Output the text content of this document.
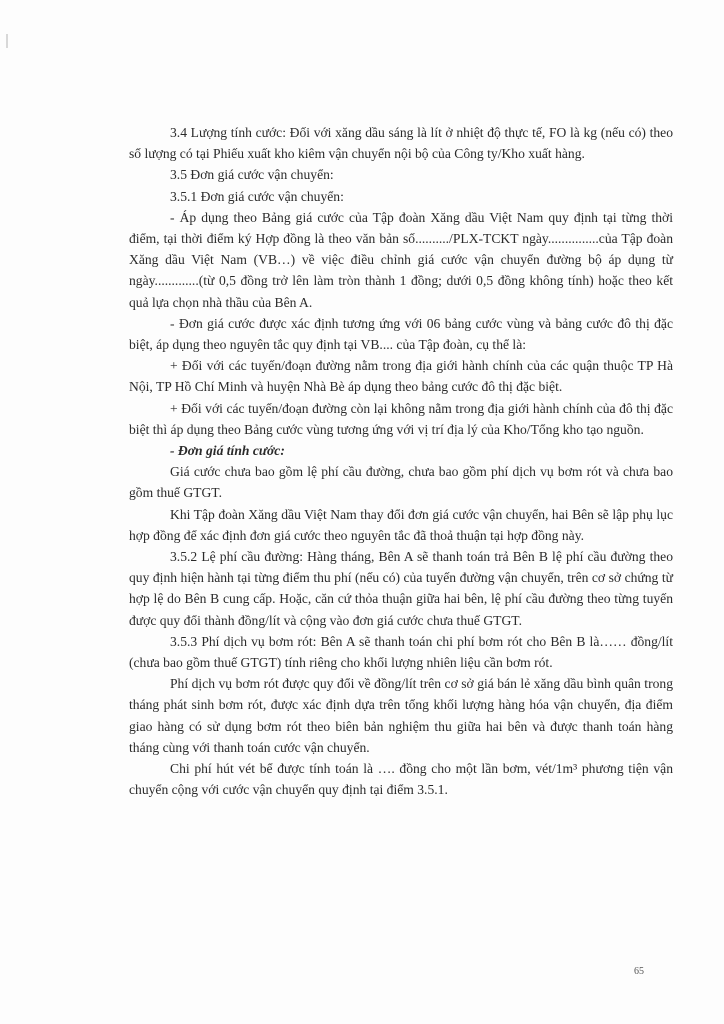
3.4 Lượng tính cước: Đối với xăng dầu sáng là lít ở nhiệt độ thực tế, FO là kg (nếu có) theo số lượng có tại Phiếu xuất kho kiêm vận chuyển nội bộ của Công ty/Kho xuất hàng.

3.5 Đơn giá cước vận chuyển:

3.5.1 Đơn giá cước vận chuyển:

- Áp dụng theo Bảng giá cước của Tập đoàn Xăng dầu Việt Nam quy định tại từng thời điểm, tại thời điểm ký Hợp đồng là theo văn bản số........../PLX-TCKT ngày...............của Tập đoàn Xăng dầu Việt Nam (VB…) về việc điều chỉnh giá cước vận chuyển đường bộ áp dụng từ ngày.............(từ 0,5 đồng trở lên làm tròn thành 1 đồng; dưới 0,5 đồng không tính) hoặc theo kết quả lựa chọn nhà thầu của Bên A.

- Đơn giá cước được xác định tương ứng với 06 bảng cước vùng và bảng cước đô thị đặc biệt, áp dụng theo nguyên tắc quy định tại VB.... của Tập đoàn, cụ thể là:

+ Đối với các tuyến/đoạn đường nằm trong địa giới hành chính của các quận thuộc TP Hà Nội, TP Hồ Chí Minh và huyện Nhà Bè áp dụng theo bảng cước đô thị đặc biệt.

+ Đối với các tuyến/đoạn đường còn lại không nằm trong địa giới hành chính của đô thị đặc biệt thì áp dụng theo Bảng cước vùng tương ứng với vị trí địa lý của Kho/Tổng kho tạo nguồn.

- Đơn giá tính cước:

Giá cước chưa bao gồm lệ phí cầu đường, chưa bao gồm phí dịch vụ bơm rót và chưa bao gồm thuế GTGT.

Khi Tập đoàn Xăng dầu Việt Nam thay đổi đơn giá cước vận chuyển, hai Bên sẽ lập phụ lục hợp đồng để xác định đơn giá cước theo nguyên tắc đã thoả thuận tại hợp đồng này.

3.5.2 Lệ phí cầu đường: Hàng tháng, Bên A sẽ thanh toán trả Bên B lệ phí cầu đường theo quy định hiện hành tại từng điểm thu phí (nếu có) của tuyến đường vận chuyển, trên cơ sở chứng từ hợp lệ do Bên B cung cấp. Hoặc, căn cứ thỏa thuận giữa hai bên, lệ phí cầu đường theo từng tuyến được quy đổi thành đồng/lít và cộng vào đơn giá cước chưa thuế GTGT.

3.5.3 Phí dịch vụ bơm rót: Bên A sẽ thanh toán chi phí bơm rót cho Bên B là…… đồng/lít (chưa bao gồm thuế GTGT) tính riêng cho khối lượng nhiên liệu cần bơm rót.

Phí dịch vụ bơm rót được quy đổi về đồng/lít trên cơ sở giá bán lẻ xăng dầu bình quân trong tháng phát sinh bơm rót, được xác định dựa trên tổng khối lượng hàng hóa vận chuyển, địa điểm giao hàng có sử dụng bơm rót theo biên bản nghiệm thu giữa hai bên và được thanh toán hàng tháng cùng với thanh toán cước vận chuyển.

Chi phí hút vét bể được tính toán là …. đồng cho một lần bơm, vét/1m³ phương tiện vận chuyển cộng với cước vận chuyển quy định tại điểm 3.5.1.

65
